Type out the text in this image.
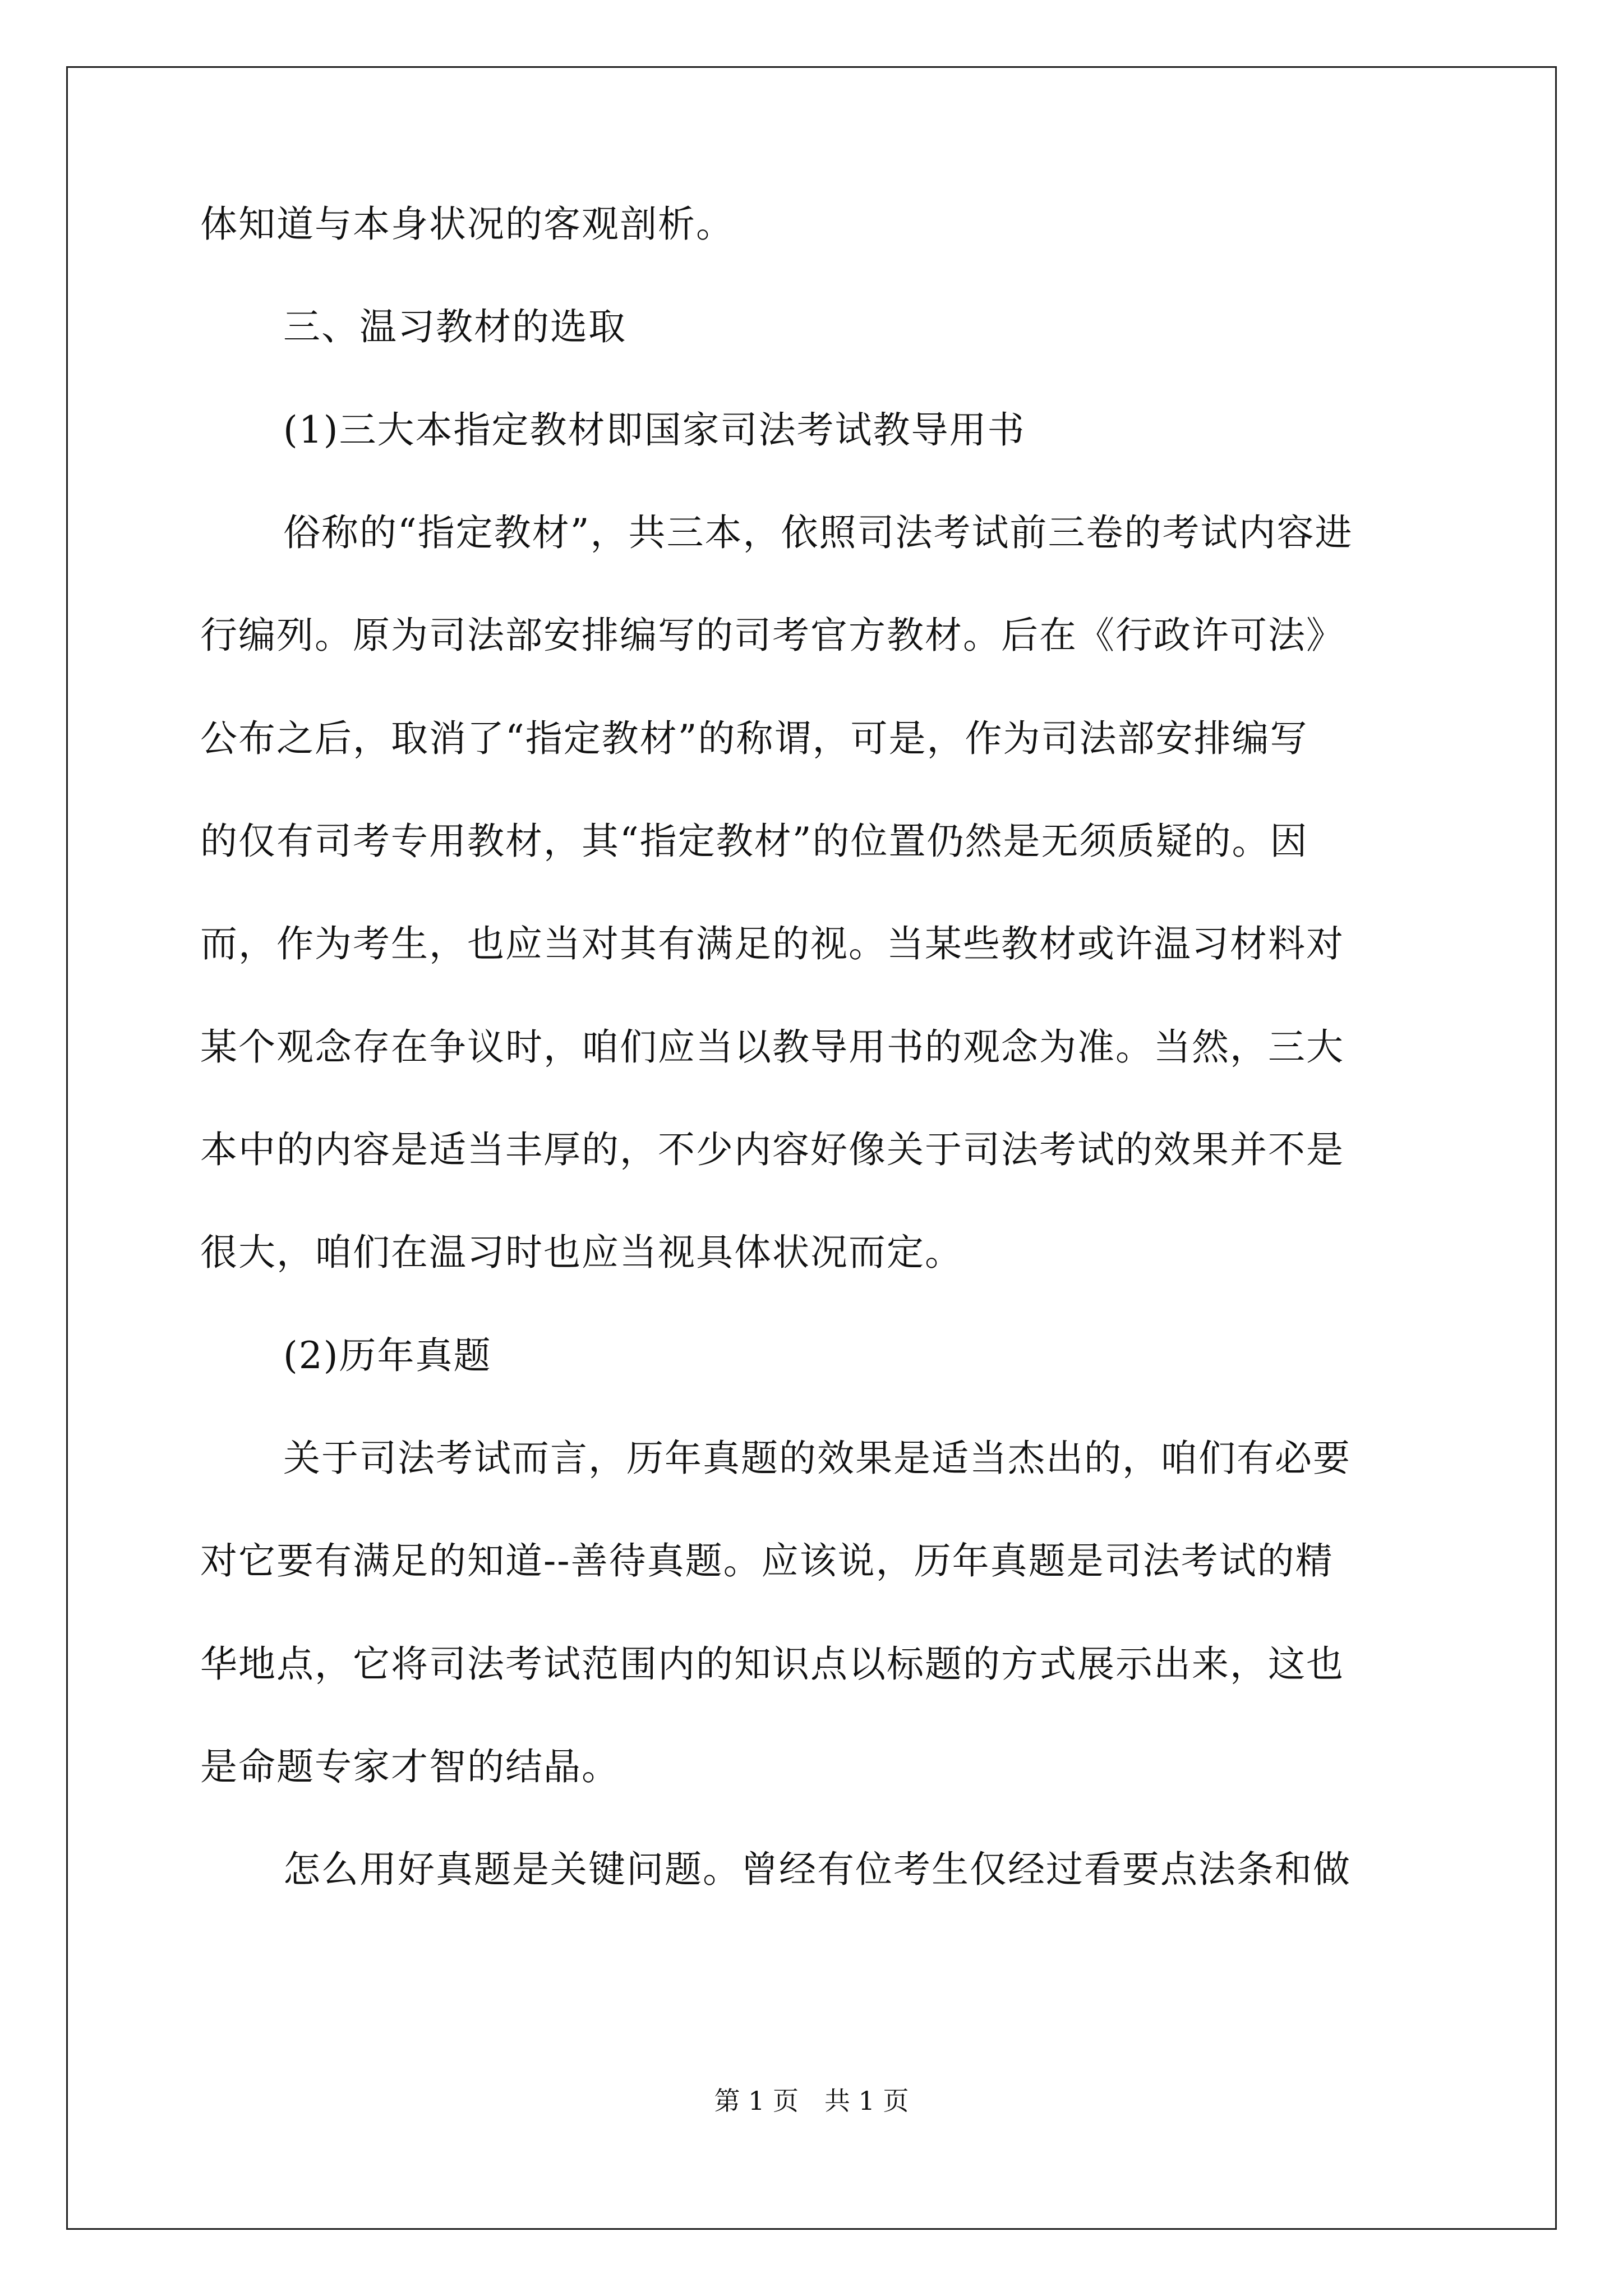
体知道与本身状况的客观剖析。
三、温习教材的选取
(1)三大本指定教材即国家司法考试教导用书
俗称的“指定教材”，共三本，依照司法考试前三卷的考试内容进
行编列。原为司法部安排编写的司考官方教材。后在《行政许可法》
公布之后，取消了“指定教材”的称谓，可是，作为司法部安排编写
的仅有司考专用教材，其“指定教材”的位置仍然是无须质疑的。因
而，作为考生，也应当对其有满足的视。当某些教材或许温习材料对
某个观念存在争议时，咱们应当以教导用书的观念为准。当然，三大
本中的内容是适当丰厚的，不少内容好像关于司法考试的效果并不是
很大，咱们在温习时也应当视具体状况而定。
(2)历年真题
关于司法考试而言，历年真题的效果是适当杰出的，咱们有必要
对它要有满足的知道--善待真题。应该说，历年真题是司法考试的精
华地点，它将司法考试范围内的知识点以标题的方式展示出来，这也
是命题专家才智的结晶。
怎么用好真题是关键问题。曾经有位考生仅经过看要点法条和做
第 1 页　共 1 页
